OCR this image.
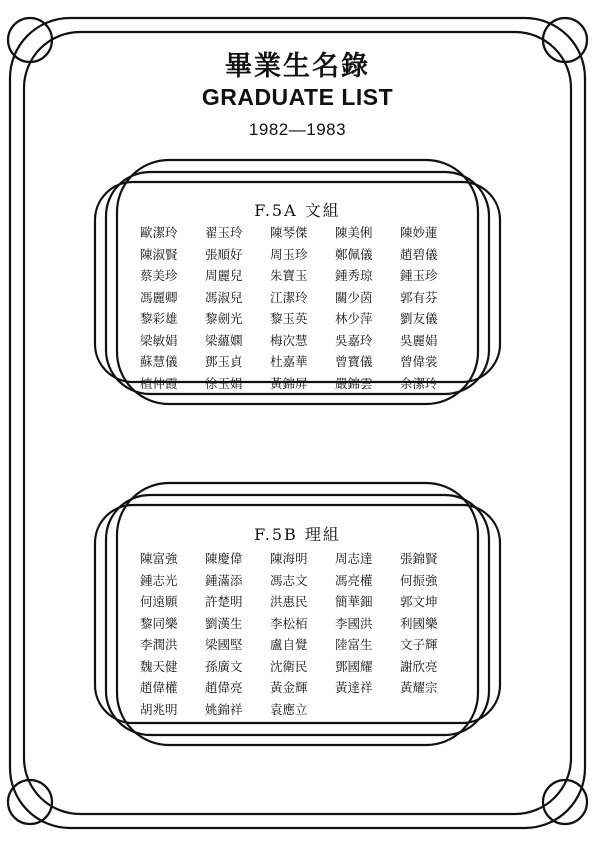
畢業生名錄
GRADUATE LIST
1982—1983
F.5A 文組
歐潔玲	翟玉玲	陳琴傑	陳美俐	陳妙蓮
陳淑賢	張順好	周玉珍	鄭佩儀	趙碧儀
蔡美珍	周麗兒	朱寶玉	鍾秀琼	鍾玉珍
馮麗卿	馮淑兒	江潔玲	關少茵	郭有芬
黎彩雄	黎劍光	黎玉英	林少萍	劉友儀
梁敏娟	梁蘊嫻	梅次慧	吳嘉玲	吳麗娟
蘇慧儀	鄧玉貞	杜嘉華	曾寶儀	曾偉裳
植仲霞	徐玉娟	黃錦屏	嚴錦雲	余潔玲
F.5B 理組
陳富強	陳慶偉	陳海明	周志達	張錦賢
鍾志光	鍾滿添	馮志文	馮亮權	何振強
何遠願	許楚明	洪惠民	簡華鈿	郭文坤
黎同樂	劉漢生	李松栢	李國洪	利國樂
李潤洪	梁國堅	盧自覺	陸富生	文子輝
魏天健	孫廣文	沈衛民	鄧國耀	謝欣亮
趙偉權	趙偉亮	黃金輝	黃達祥	黃耀宗
胡兆明	姚錦祥	袁應立
